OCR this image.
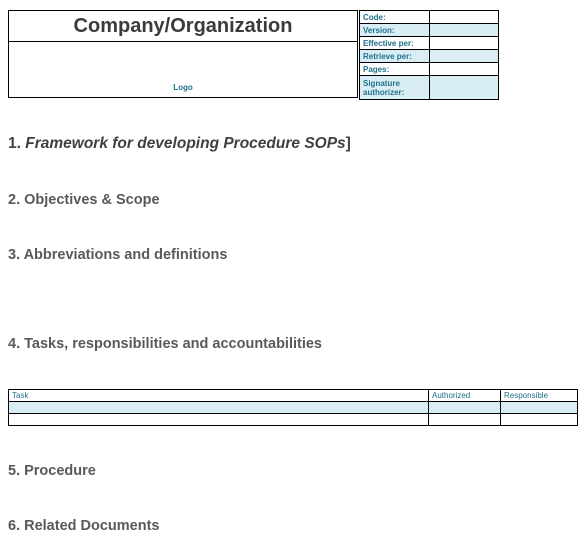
Company/Organization
Logo
Code:	
Version:	
Effective per:	
Retrieve per:	
Pages:	
Signature authorizer:	
1. Framework for developing Procedure SOPs]
2. Objectives & Scope
3. Abbreviations and definitions
4. Tasks, responsibilities and accountabilities
Task	Authorized	Responsible

5. Procedure
6. Related Documents
